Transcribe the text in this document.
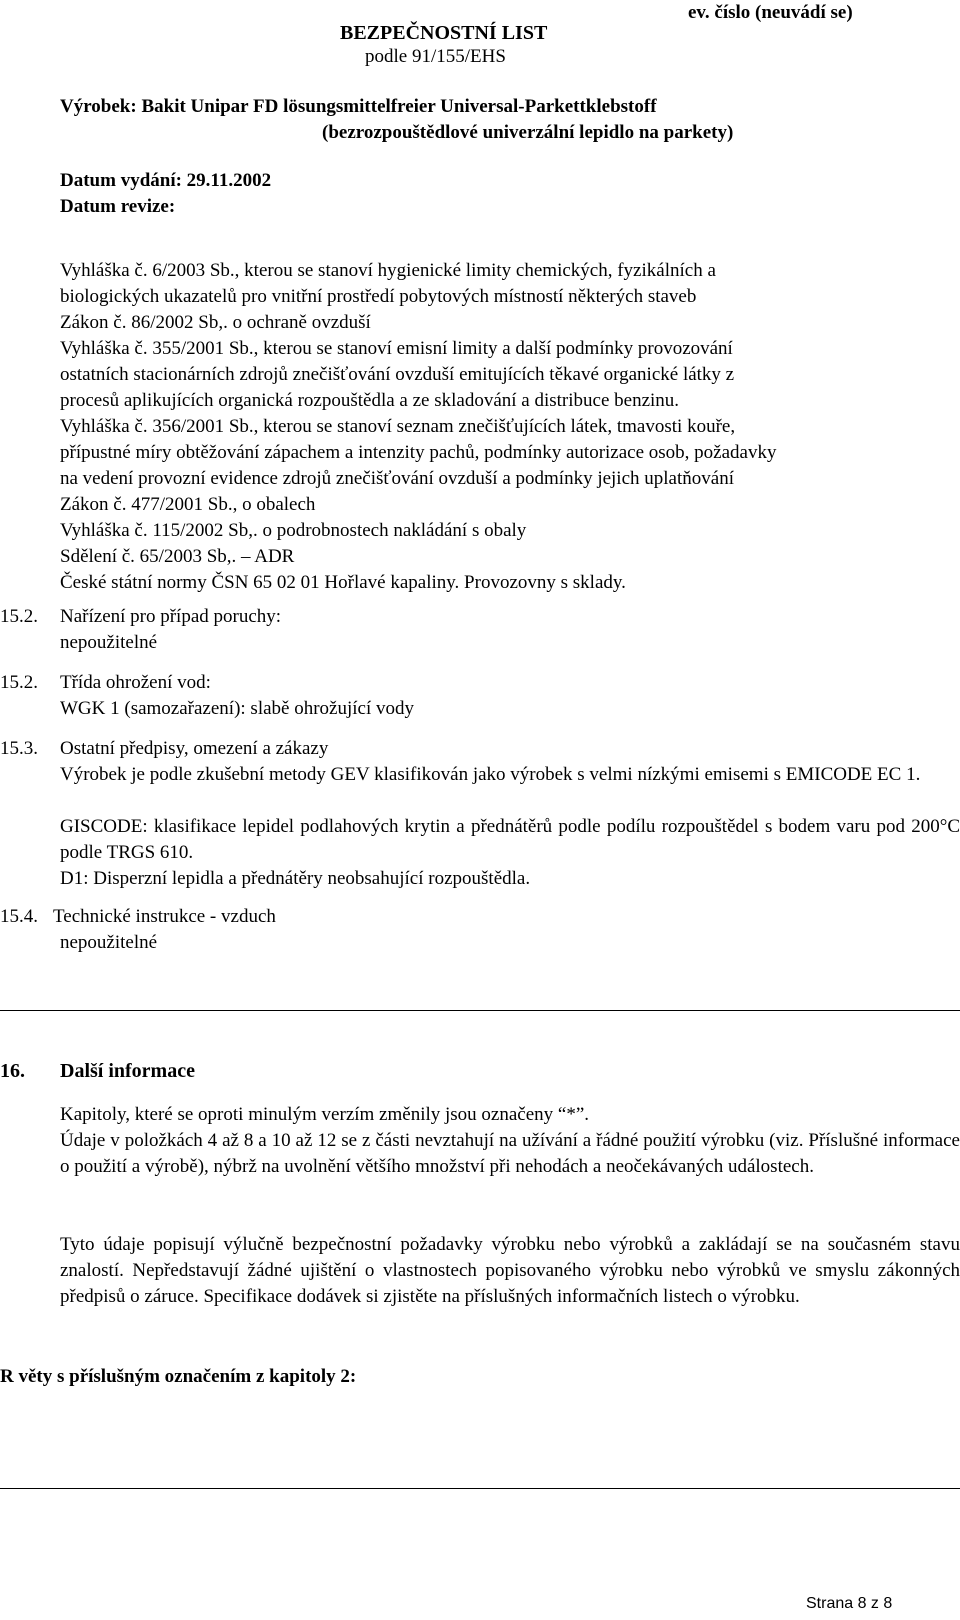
BEZPEČNOSTNÍ LIST
podle 91/155/EHS
ev. číslo (neuvádí se)
Výrobek: Bakit Unipar FD lösungsmittelfreier Universal-Parkettklebstoff
(bezrozpouštědlové univerzální lepidlo na parkety)
Datum vydání: 29.11.2002
Datum revize:
Vyhláška č. 6/2003 Sb., kterou se stanoví hygienické limity chemických, fyzikálních a
biologických ukazatelů pro vnitřní prostředí pobytových místností některých staveb
Zákon č. 86/2002 Sb,. o ochraně ovzduší
Vyhláška č. 355/2001 Sb., kterou se stanoví emisní limity a další podmínky provozování
ostatních stacionárních zdrojů znečišťování ovzduší emitujících těkavé organické látky z
procesů aplikujících organická rozpouštědla a ze skladování a distribuce benzinu.
Vyhláška č. 356/2001 Sb., kterou se stanoví seznam znečišťujících látek, tmavosti kouře,
přípustné míry obtěžování zápachem a intenzity pachů, podmínky autorizace osob, požadavky
na vedení provozní evidence zdrojů znečišťování ovzduší a podmínky jejich uplatňování
Zákon č. 477/2001 Sb., o obalech
Vyhláška č. 115/2002 Sb,. o podrobnostech nakládání s obaly
Sdělení č. 65/2003 Sb,. – ADR
České státní normy ČSN 65 02 01 Hořlavé kapaliny. Provozovny s sklady.
15.2.	Nařízení pro případ poruchy:
nepoužitelné
15.2.	Třída ohrožení vod:
WGK 1 (samozařazení): slabě ohrožující vody
15.3.	Ostatní předpisy, omezení a zákazy
Výrobek je podle zkušební metody GEV klasifikován jako výrobek s velmi nízkými emisemi s EMICODE EC 1.
GISCODE: klasifikace lepidel podlahových krytin a přednátěrů podle podílu rozpouštědel s bodem varu pod 200°C podle TRGS 610.
D1: Disperzní lepidla a přednátěry neobsahující rozpouštědla.
15.4. Technické instrukce - vzduch
nepoužitelné
16.	Další informace
Kapitoly, které se oproti minulým verzím změnily jsou označeny “*”.
Údaje v položkách 4 až 8 a 10 až 12 se z části nevztahují na užívání a řádné použití výrobku (viz. Příslušné informace o použití a výrobě), nýbrž na uvolnění většího množství při nehodách a neočekávaných událostech.
Tyto údaje popisují výlučně bezpečnostní požadavky výrobku nebo výrobků a zakládají se na současném stavu znalostí. Nepředstavují žádné ujištění o vlastnostech popisovaného výrobku nebo výrobků ve smyslu zákonných předpisů o záruce. Specifikace dodávek si zjistěte na příslušných informačních listech o výrobku.
R věty s příslušným označením z kapitoly 2:
Strana 8 z 8
